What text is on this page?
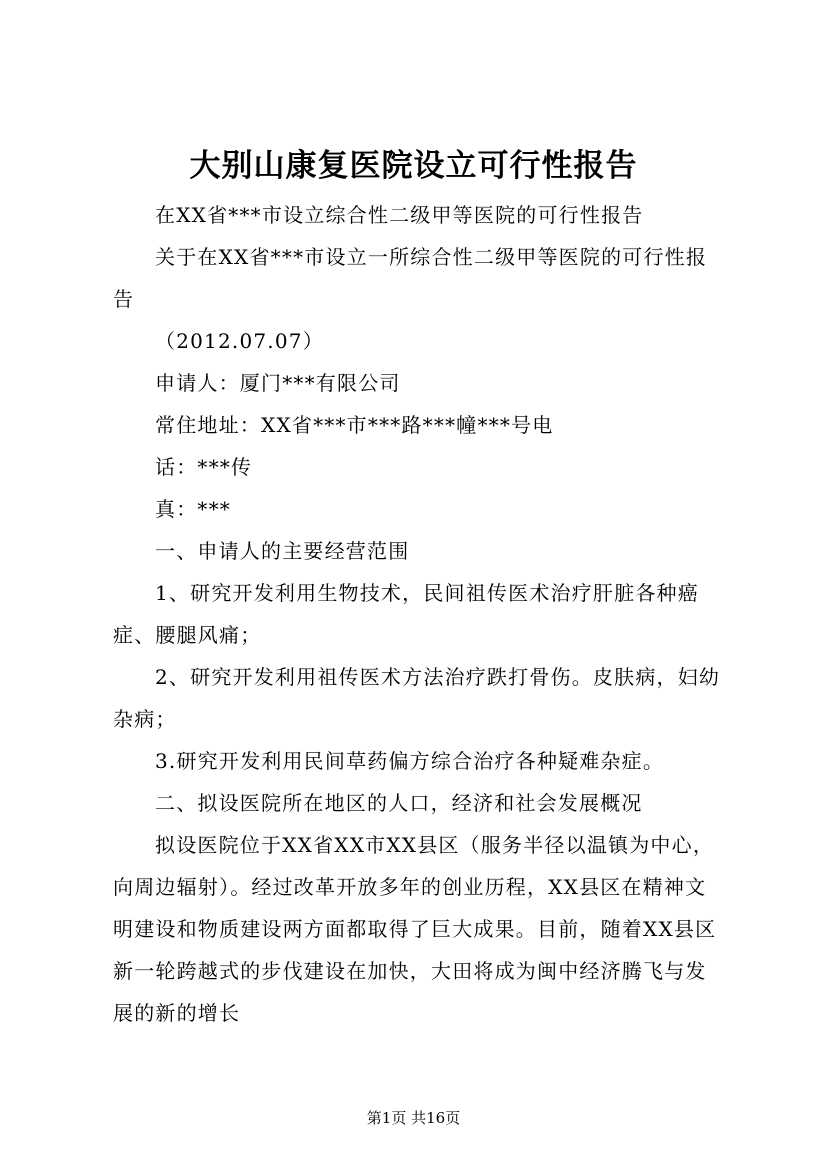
大别山康复医院设立可行性报告

在XX省***市设立综合性二级甲等医院的可行性报告

关于在XX省***市设立一所综合性二级甲等医院的可行性报告

（2012.07.07）

申请人：厦门***有限公司

常住地址：XX省***市***路***幢***号电

话：***传

真：***

一、申请人的主要经营范围

1、研究开发利用生物技术，民间祖传医术治疗肝脏各种癌症、腰腿风痛；

2、研究开发利用祖传医术方法治疗跌打骨伤。皮肤病，妇幼杂病；

3.研究开发利用民间草药偏方综合治疗各种疑难杂症。

二、拟设医院所在地区的人口，经济和社会发展概况

拟设医院位于XX省XX市XX县区（服务半径以温镇为中心，向周边辐射）。经过改革开放多年的创业历程，XX县区在精神文明建设和物质建设两方面都取得了巨大成果。目前，随着XX县区新一轮跨越式的步伐建设在加快，大田将成为闽中经济腾飞与发展的新的增长

第1页 共16页
